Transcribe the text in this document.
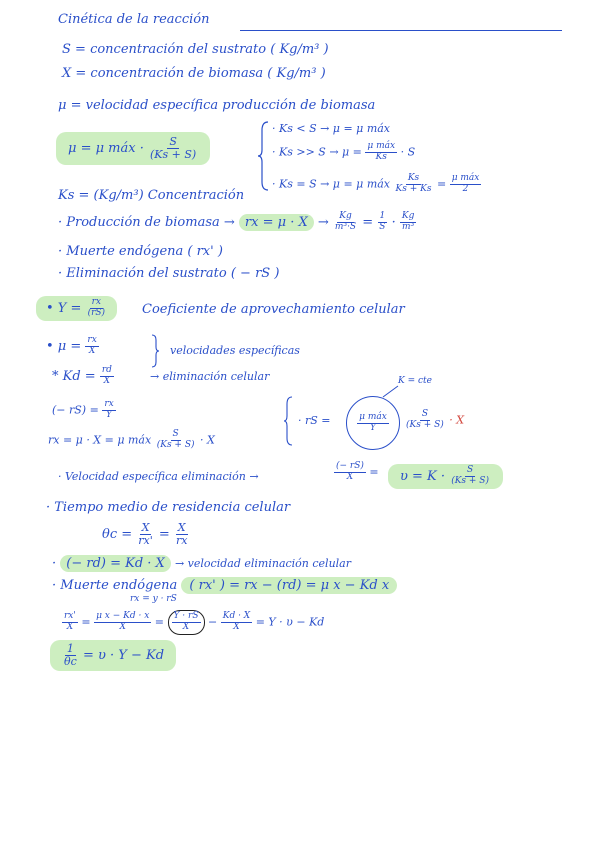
Cinética de la reacción
S = concentración del sustrato ( Kg/m³ )
X = concentración de biomasa ( Kg/m³ )
μ = velocidad específica producción de biomasa
μ = μ máx · $\frac{S}{(Ks + S)}$
· Ks < S → μ = μ máx
· $Ks >> S \to \mu = \frac{\text{μ máx}}{Ks} \cdot S$
· Ks = S → μ = μ máx $\frac{Ks}{Ks + Ks} = \frac{\text{μ máx}}{2}$
Ks = (Kg/m³) Concentración
· Producción de biomasa → rx = $\mu \cdot X \to \frac{Kg}{\text{m³·S}} = \frac{1}{S} \cdot \frac{Kg}{\text{m³}}$
· Muerte endógena ( rx' )
· Eliminación del sustrato ( − rS )
• $Y = \frac{rx}{(rS)}$	Coeficiente de aprovechamiento celular
• $\mu = \frac{rx}{X}$
* $Kd = \frac{rd}{X}$
velocidades específicas
→ eliminación celular
(− $rS) = \frac{rx}{Y}$
rx = μ · X = μ máx $\frac{S}{(Ks + S)} \cdot X$
K = cte
$\frac{\text{μ máx}}{Y}$
· rS =	$\frac{S}{(Ks + S)} \cdot X$
· Velocidad específica eliminación →	$\frac{(- rS)}{X}$ =	$\upsilon = K \cdot \frac{S}{(Ks + S)}$
· Tiempo medio de residencia celular
$\theta c = \frac{X}{rx'} = \frac{X}{rx}$
· (− rd) = Kd · X → velocidad eliminación celular
· Muerte endógena ( rx' ) = rx − (rd) = μ x − Kd x
rx = y · rS
$\frac{rx'}{X} = \frac{\text{μ x − Kd · x}}{X} = \frac{Y \cdot rS}{X} - \frac{Kd \cdot X}{X} = Y \cdot \upsilon - Kd$
$\frac{1}{\theta c} = \upsilon \cdot Y - Kd$
